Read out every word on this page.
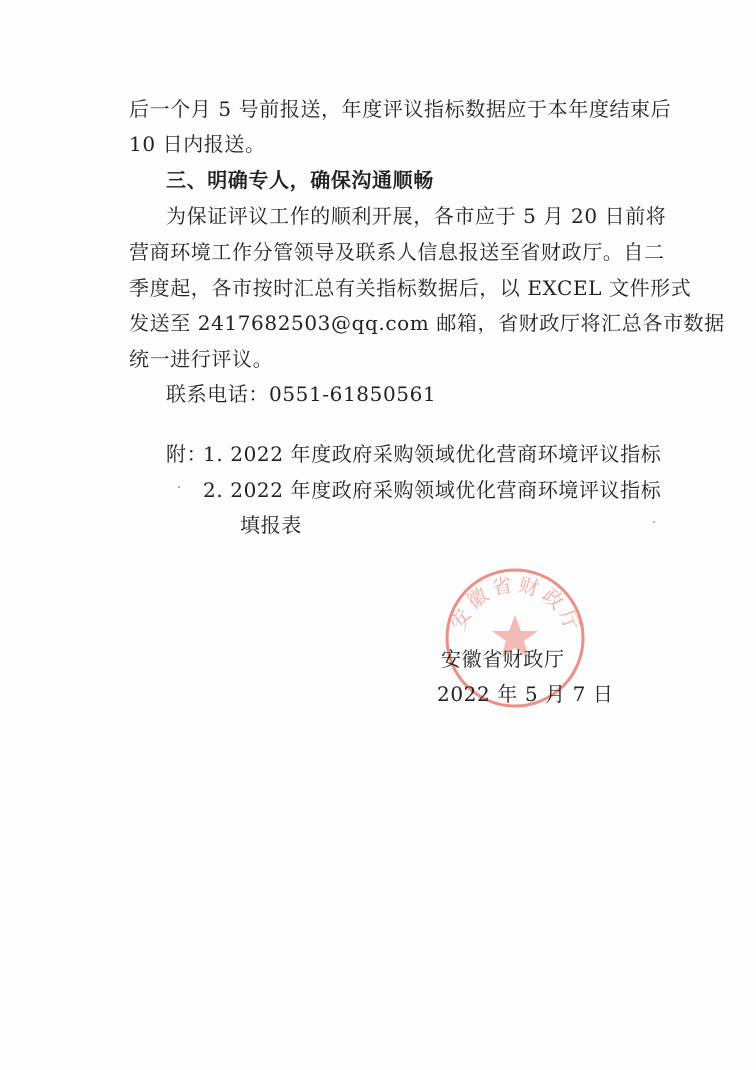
后一个月 5 号前报送，年度评议指标数据应于本年度结束后
10 日内报送。
三、明确专人，确保沟通顺畅
为保证评议工作的顺利开展，各市应于 5 月 20 日前将
营商环境工作分管领导及联系人信息报送至省财政厅。自二
季度起，各市按时汇总有关指标数据后，以 EXCEL 文件形式
发送至 2417682503@qq.com 邮箱，省财政厅将汇总各市数据
统一进行评议。
联系电话：0551-61850561
附：
1. 2022 年度政府采购领域优化营商环境评议指标
2. 2022 年度政府采购领域优化营商环境评议指标
填报表
安徽省财政厅
安徽省财政厅
2022 年 5 月 7 日
